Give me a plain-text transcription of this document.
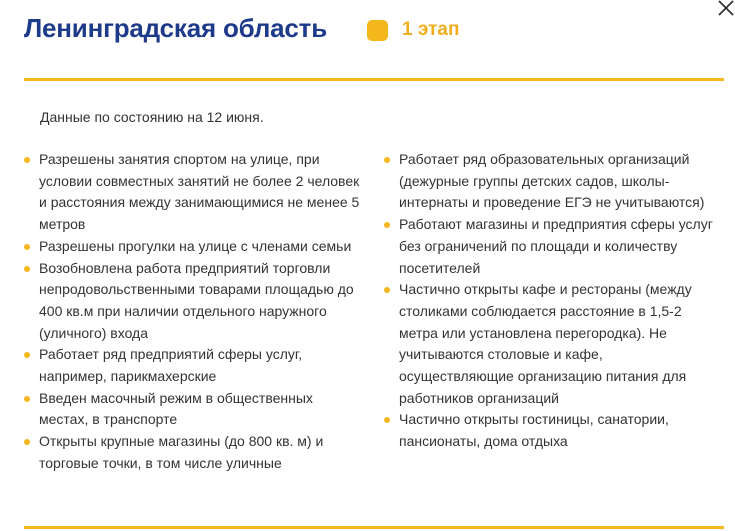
Ленинградская область	1 этап
Данные по состоянию на 12 июня.
Разрешены занятия спортом на улице, при условии совместных занятий не более 2 человек и расстояния между занимающимися не менее 5 метров
Разрешены прогулки на улице с членами семьи
Возобновлена работа предприятий торговли непродовольственными товарами площадью до 400 кв.м при наличии отдельного наружного (уличного) входа
Работает ряд предприятий сферы услуг, например, парикмахерские
Введен масочный режим в общественных местах, в транспорте
Открыты крупные магазины (до 800 кв. м) и торговые точки, в том числе уличные
Работает ряд образовательных организаций (дежурные группы детских садов, школы-интернаты и проведение ЕГЭ не учитываются)
Работают магазины и предприятия сферы услуг без ограничений по площади и количеству посетителей
Частично открыты кафе и рестораны (между столиками соблюдается расстояние в 1,5-2 метра или установлена перегородка). Не учитываются столовые и кафе, осуществляющие организацию питания для работников организаций
Частично открыты гостиницы, санатории, пансионаты, дома отдыха
